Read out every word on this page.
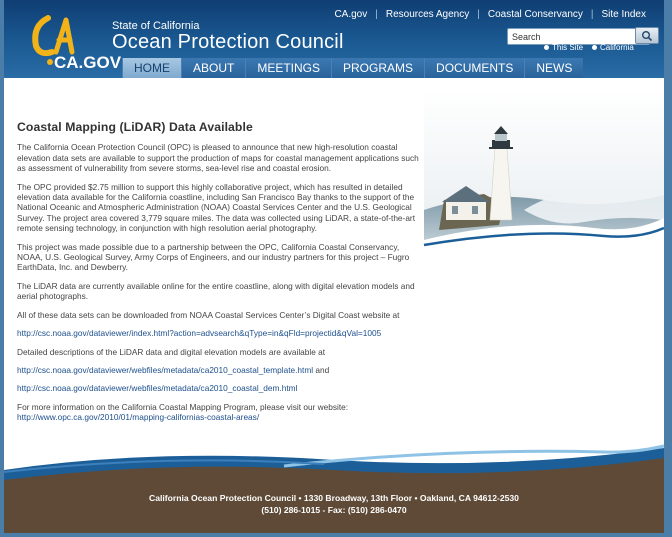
CA.gov | Resources Agency | Coastal Conservancy | Site Index
CA.GOV
State of California
Ocean Protection Council
Search	This Site California
HOME	ABOUT	MEETINGS	PROGRAMS	DOCUMENTS	NEWS
Coastal Mapping (LiDAR) Data Available

The California Ocean Protection Council (OPC) is pleased to announce that new high-resolution coastal elevation data sets are available to support the production of maps for coastal management applications such as assessment of vulnerability from severe storms, sea-level rise and coastal erosion.

The OPC provided $2.75 million to support this highly collaborative project, which has resulted in detailed elevation data available for the California coastline, including San Francisco Bay thanks to the support of the National Oceanic and Atmospheric Administration (NOAA) Coastal Services Center and the U.S. Geological Survey. The project area covered 3,779 square miles. The data was collected using LiDAR, a state-of-the-art remote sensing technology, in conjunction with high resolution aerial photography.

This project was made possible due to a partnership between the OPC, California Coastal Conservancy, NOAA, U.S. Geological Survey, Army Corps of Engineers, and our industry partners for this project – Fugro EarthData, Inc. and Dewberry.

The LiDAR data are currently available online for the entire coastline, along with digital elevation models and aerial photographs.

All of these data sets can be downloaded from NOAA Coastal Services Center’s Digital Coast website at

http://csc.noaa.gov/dataviewer/index.html?action=advsearch&qType=in&qFld=projectid&qVal=1005

Detailed descriptions of the LiDAR data and digital elevation models are available at

http://csc.noaa.gov/dataviewer/webfiles/metadata/ca2010_coastal_template.html and

http://csc.noaa.gov/dataviewer/webfiles/metadata/ca2010_coastal_dem.html

For more information on the California Coastal Mapping Program, please visit our website:
http://www.opc.ca.gov/2010/01/mapping-californias-coastal-areas/

California Ocean Protection Council • 1330 Broadway, 13th Floor • Oakland, CA 94612-2530
(510) 286-1015 - Fax: (510) 286-0470
